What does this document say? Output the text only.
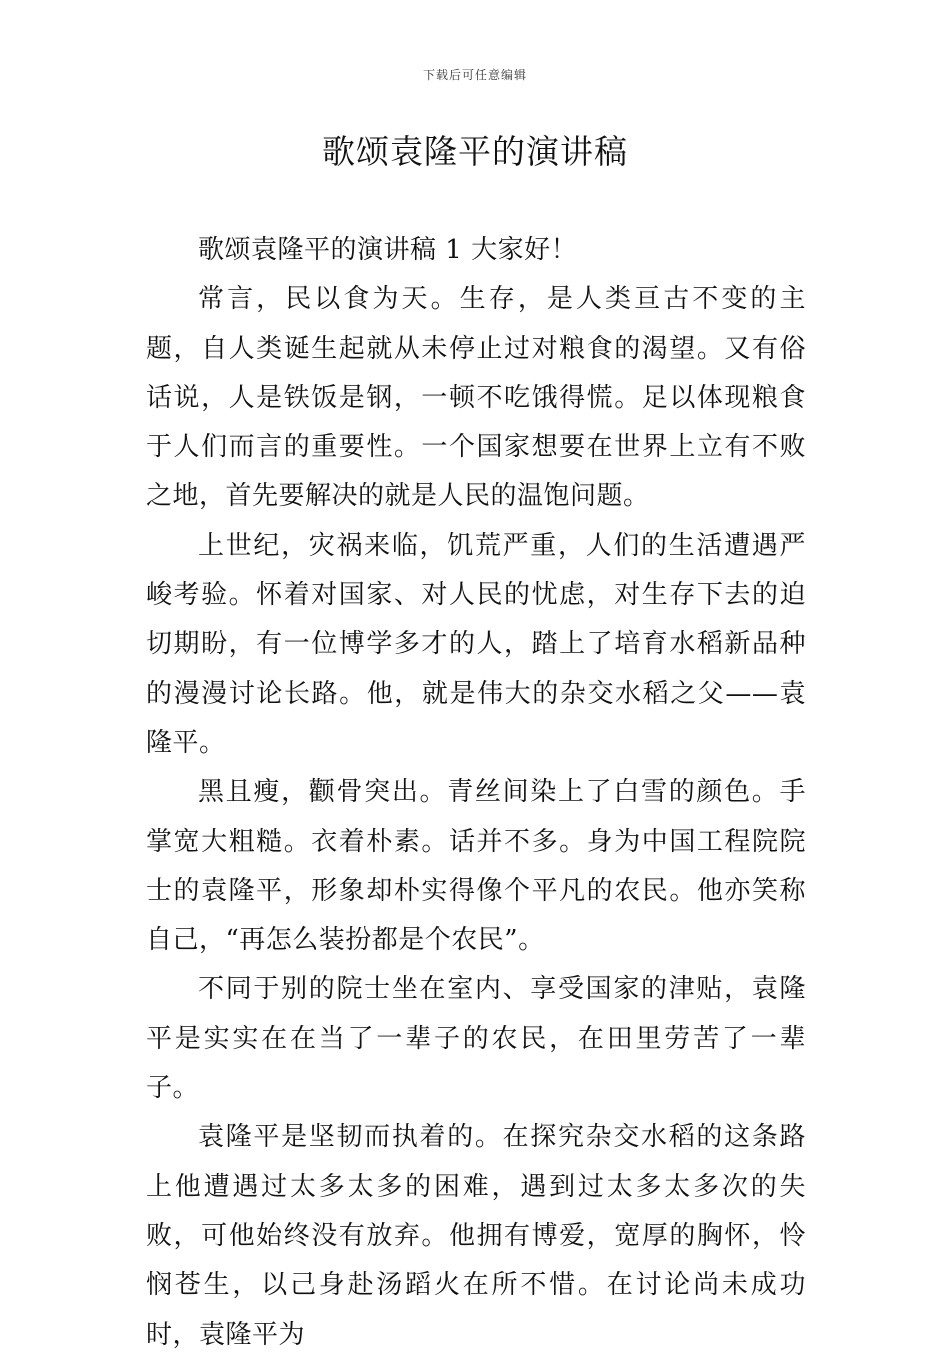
下载后可任意编辑
歌颂袁隆平的演讲稿

歌颂袁隆平的演讲稿 1 大家好！

常言，民以食为天。生存，是人类亘古不变的主题，自人类诞生起就从未停止过对粮食的渴望。又有俗话说，人是铁饭是钢，一顿不吃饿得慌。足以体现粮食于人们而言的重要性。一个国家想要在世界上立有不败之地，首先要解决的就是人民的温饱问题。

上世纪，灾祸来临，饥荒严重，人们的生活遭遇严峻考验。怀着对国家、对人民的忧虑，对生存下去的迫切期盼，有一位博学多才的人，踏上了培育水稻新品种的漫漫讨论长路。他，就是伟大的杂交水稻之父——袁隆平。

黑且瘦，颧骨突出。青丝间染上了白雪的颜色。手掌宽大粗糙。衣着朴素。话并不多。身为中国工程院院士的袁隆平，形象却朴实得像个平凡的农民。他亦笑称自己，“再怎么装扮都是个农民”。

不同于别的院士坐在室内、享受国家的津贴，袁隆平是实实在在当了一辈子的农民，在田里劳苦了一辈子。

袁隆平是坚韧而执着的。在探究杂交水稻的这条路上他遭遇过太多太多的困难，遇到过太多太多次的失败，可他始终没有放弃。他拥有博爱，宽厚的胸怀，怜悯苍生，以己身赴汤蹈火在所不惜。在讨论尚未成功时，袁隆平为
